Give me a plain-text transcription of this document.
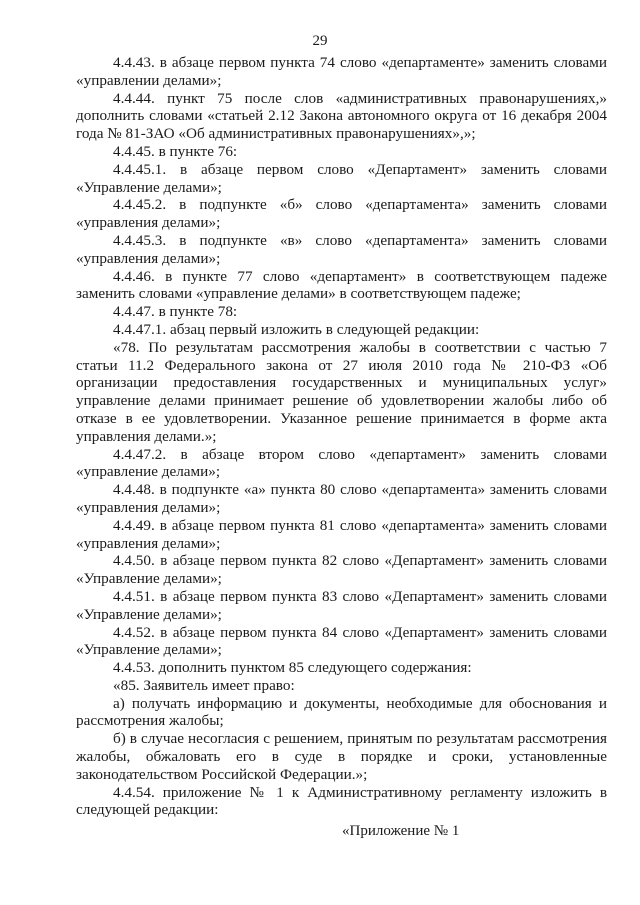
29

4.4.43. в абзаце первом пункта 74 слово «департаменте» заменить словами «управлении делами»;

4.4.44. пункт 75 после слов «административных правонарушениях,» дополнить словами «статьей 2.12 Закона автономного округа от 16 декабря 2004 года № 81-ЗАО «Об административных правонарушениях»,»;

4.4.45. в пункте 76:

4.4.45.1. в абзаце первом слово «Департамент» заменить словами «Управление делами»;

4.4.45.2. в подпункте «б» слово «департамента» заменить словами «управления делами»;

4.4.45.3. в подпункте «в» слово «департамента» заменить словами «управления делами»;

4.4.46. в пункте 77 слово «департамент» в соответствующем падеже заменить словами «управление делами» в соответствующем падеже;

4.4.47. в пункте 78:

4.4.47.1. абзац первый изложить в следующей редакции:

«78. По результатам рассмотрения жалобы в соответствии с частью 7 статьи 11.2 Федерального закона от 27 июля 2010 года № 210-ФЗ «Об организации предоставления государственных и муниципальных услуг» управление делами принимает решение об удовлетворении жалобы либо об отказе в ее удовлетворении. Указанное решение принимается в форме акта управления делами.»;

4.4.47.2. в абзаце втором слово «департамент» заменить словами «управление делами»;

4.4.48. в подпункте «а» пункта 80 слово «департамента» заменить словами «управления делами»;

4.4.49. в абзаце первом пункта 81 слово «департамента» заменить словами «управления делами»;

4.4.50. в абзаце первом пункта 82 слово «Департамент» заменить словами «Управление делами»;

4.4.51. в абзаце первом пункта 83 слово «Департамент» заменить словами «Управление делами»;

4.4.52. в абзаце первом пункта 84 слово «Департамент» заменить словами «Управление делами»;

4.4.53. дополнить пунктом 85 следующего содержания:

«85. Заявитель имеет право:

а) получать информацию и документы, необходимые для обоснования и рассмотрения жалобы;

б) в случае несогласия с решением, принятым по результатам рассмотрения жалобы, обжаловать его в суде в порядке и сроки, установленные законодательством Российской Федерации.»;

4.4.54. приложение № 1 к Административному регламенту изложить в следующей редакции:

«Приложение № 1
